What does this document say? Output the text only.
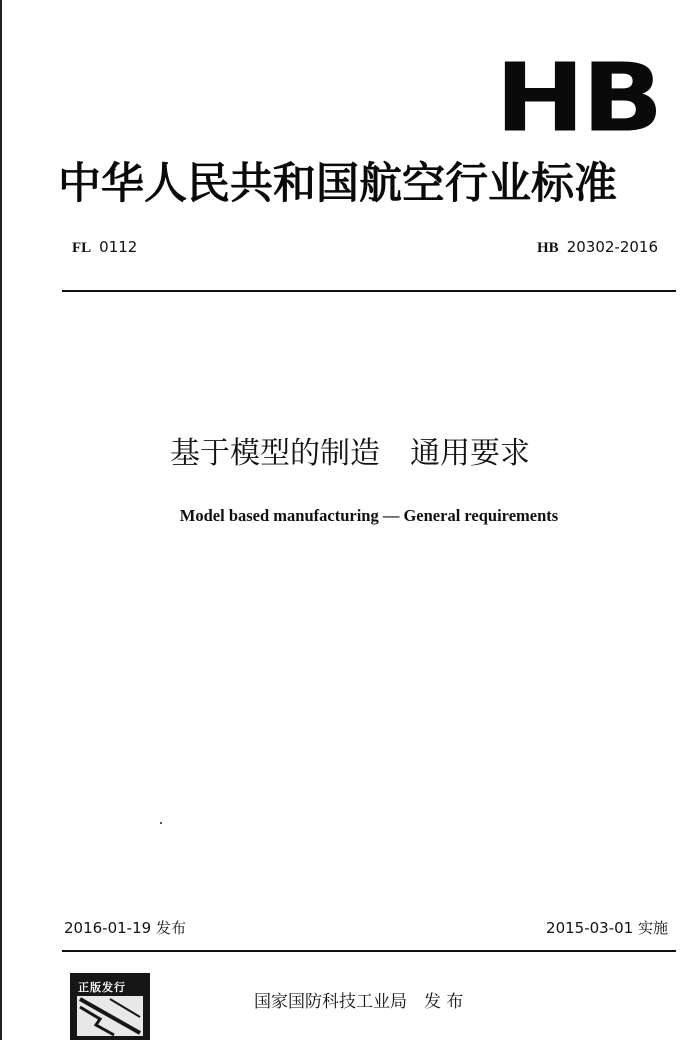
HB
中华人民共和国航空行业标准
FL 0112	HB 20302-2016
基于模型的制造　通用要求
Model based manufacturing — General requirements
2016-01-19 发布	2015-03-01 实施
正版发行
国家国防科技工业局　发 布
